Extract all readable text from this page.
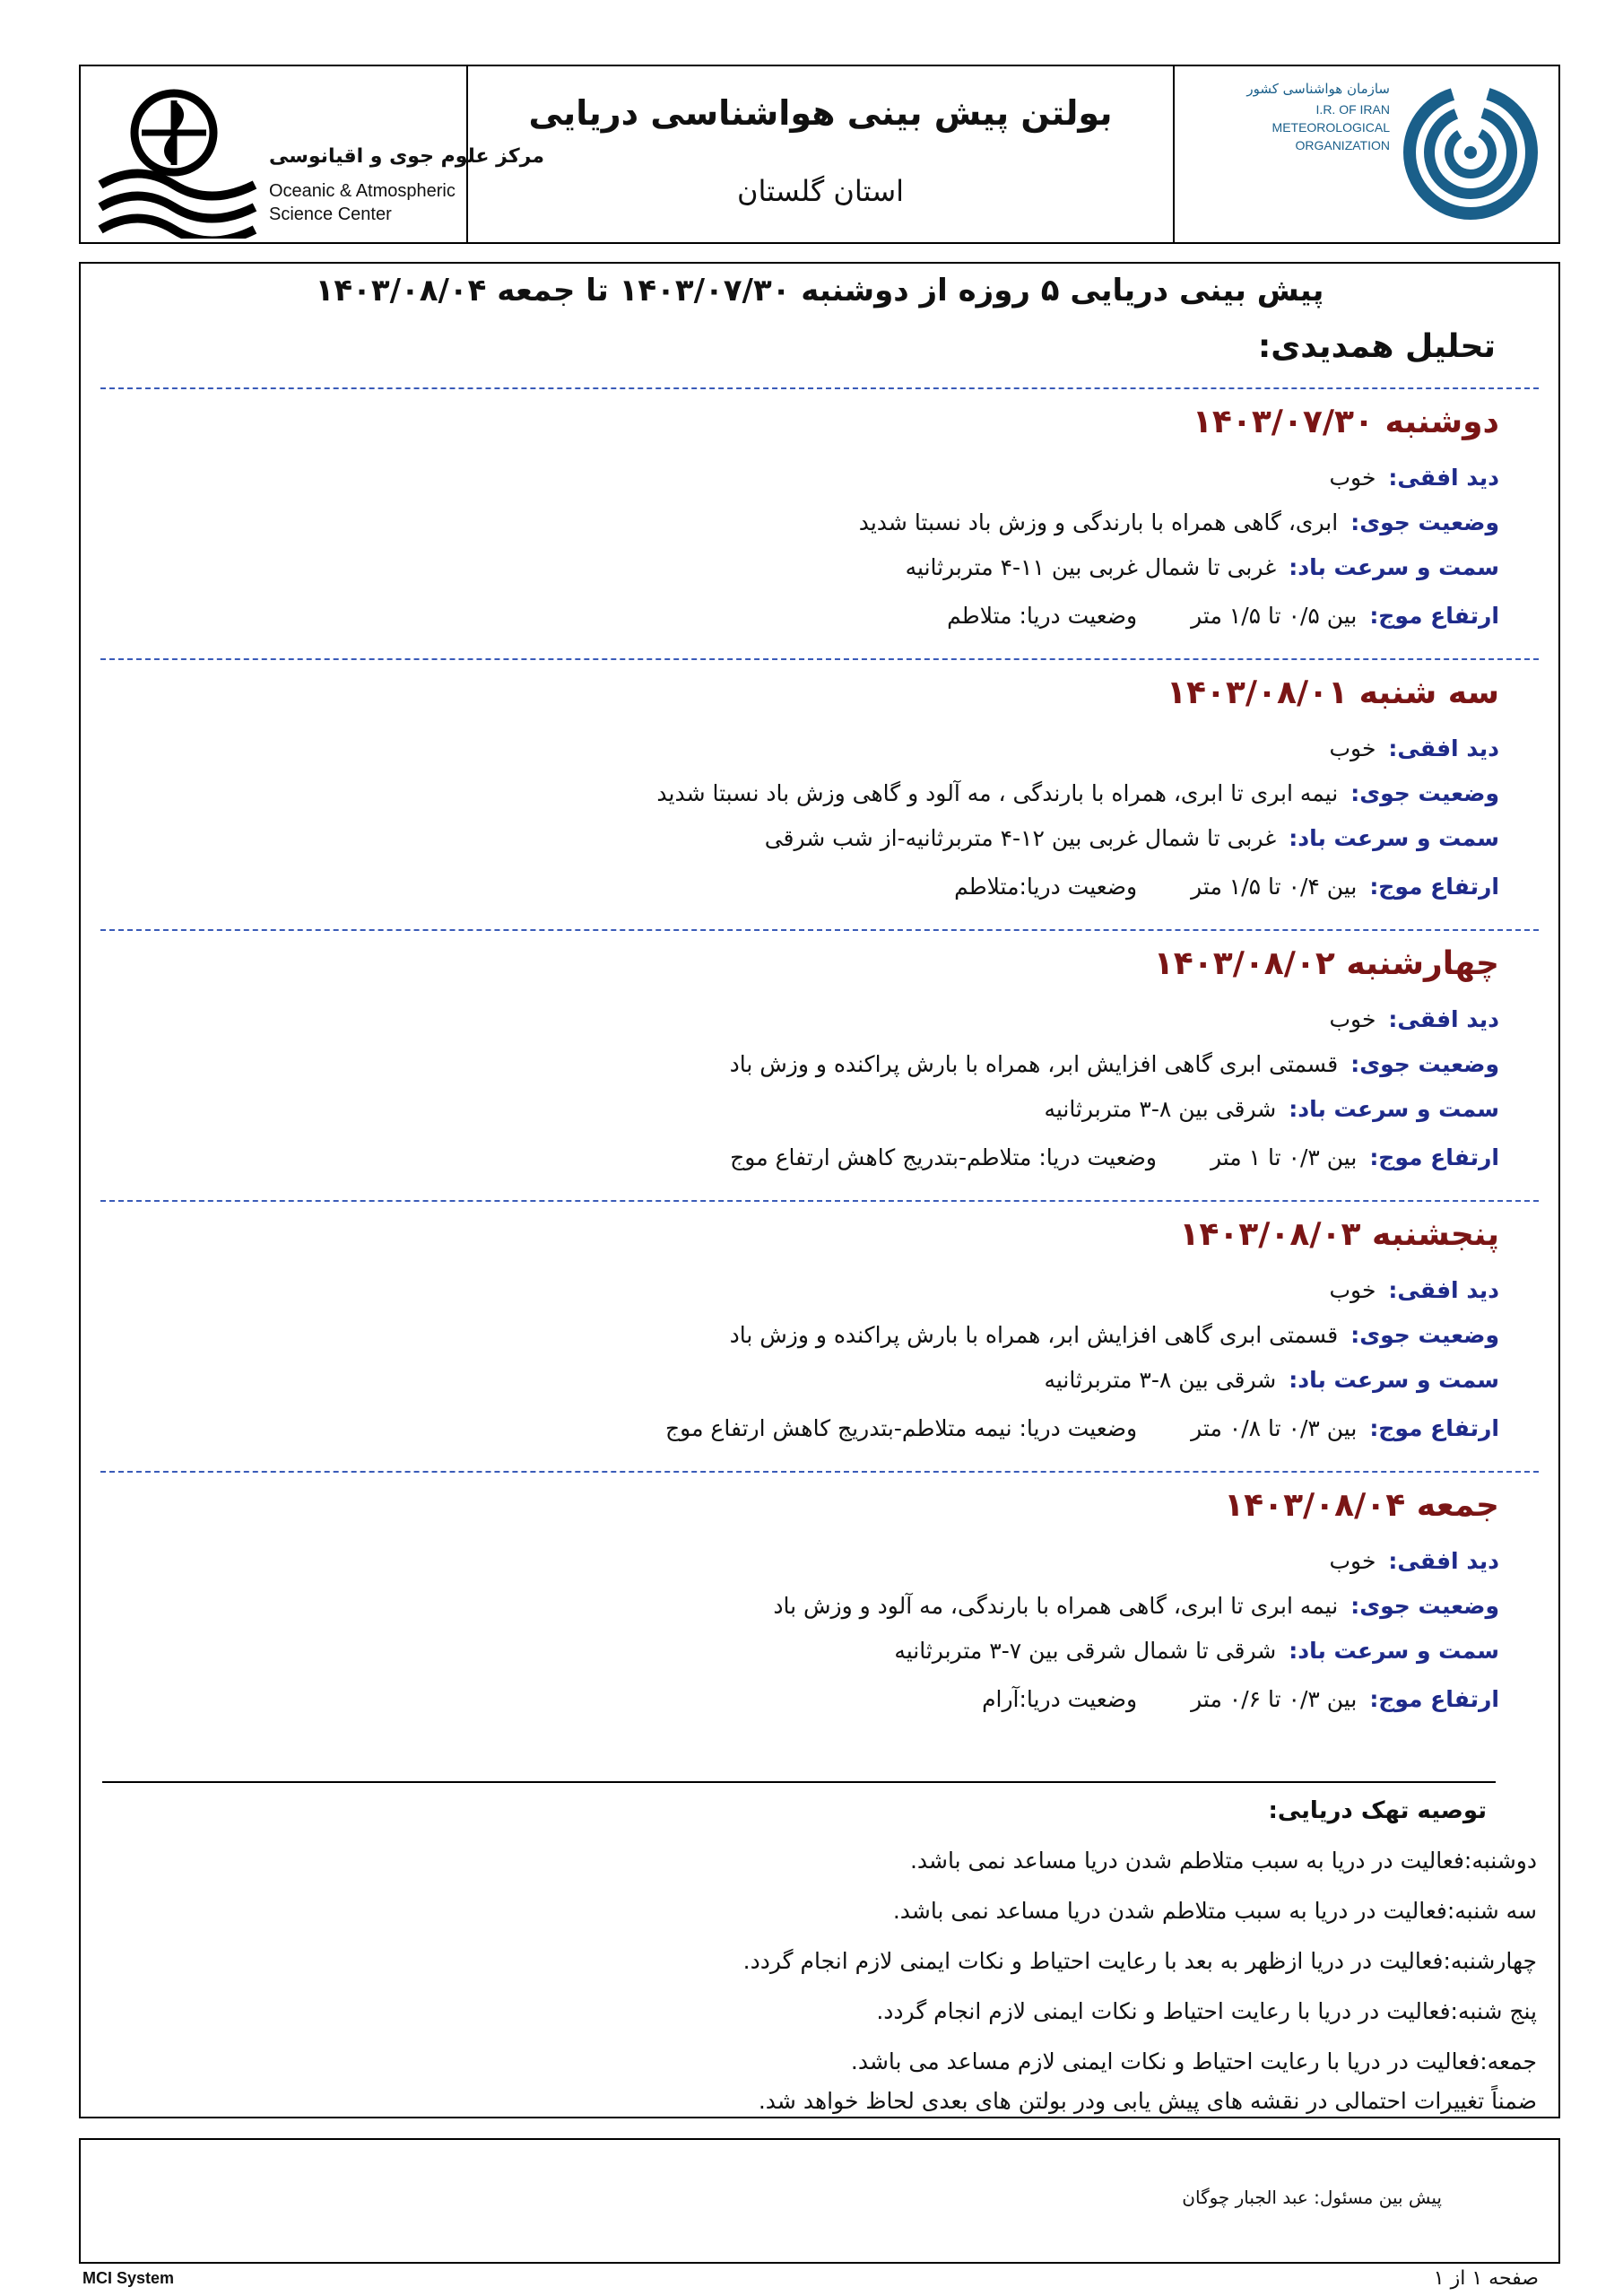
مرکز علوم جوی و اقیانوسی
Oceanic & Atmospheric
Science Center
بولتن پیش بینی هواشناسی دریایی
استان گلستان
سازمان هواشناسی کشور
I.R. OF IRAN
METEOROLOGICAL
ORGANIZATION
پیش بینی دریایی ۵ روزه از دوشنبه ۱۴۰۳/۰۷/۳۰ تا جمعه ۱۴۰۳/۰۸/۰۴
تحلیل همدیدی:
دوشنبه ۱۴۰۳/۰۷/۳۰
دید افقی:خوب
وضعیت جوی:ابری، گاهی همراه با بارندگی و وزش باد نسبتا شدید
سمت و سرعت باد:غربی تا شمال غربی بین ۱۱-۴ متربرثانیه
ارتفاع موج:بین ۰/۵ تا ۱/۵ متروضعیت دریا: متلاطم
سه شنبه ۱۴۰۳/۰۸/۰۱
دید افقی:خوب
وضعیت جوی:نیمه ابری تا ابری، همراه با بارندگی ، مه آلود و گاهی وزش باد نسبتا شدید
سمت و سرعت باد:غربی تا شمال غربی بین ۱۲-۴ متربرثانیه-از شب شرقی
ارتفاع موج:بین ۰/۴ تا ۱/۵ متروضعیت دریا:متلاطم
چهارشنبه ۱۴۰۳/۰۸/۰۲
دید افقی:خوب
وضعیت جوی:قسمتی ابری گاهی افزایش ابر، همراه با بارش پراکنده و وزش باد
سمت و سرعت باد:شرقی بین ۸-۳ متربرثانیه
ارتفاع موج:بین ۰/۳ تا ۱ متروضعیت دریا: متلاطم-بتدریج کاهش ارتفاع موج
پنجشنبه ۱۴۰۳/۰۸/۰۳
دید افقی:خوب
وضعیت جوی:قسمتی ابری گاهی افزایش ابر، همراه با بارش پراکنده و وزش باد
سمت و سرعت باد:شرقی بین ۸-۳ متربرثانیه
ارتفاع موج:بین ۰/۳ تا ۰/۸ متروضعیت دریا: نیمه متلاطم-بتدریج کاهش ارتفاع موج
جمعه ۱۴۰۳/۰۸/۰۴
دید افقی:خوب
وضعیت جوی:نیمه ابری تا ابری، گاهی همراه با بارندگی، مه آلود و وزش باد
سمت و سرعت باد:شرقی تا شمال شرقی بین ۷-۳ متربرثانیه
ارتفاع موج:بین ۰/۳ تا ۰/۶ متروضعیت دریا:آرام
توصیه تهک دریایی:
دوشنبه:فعالیت در دریا به سبب متلاطم شدن دریا مساعد نمی باشد.
سه شنبه:فعالیت در دریا به سبب متلاطم شدن دریا مساعد نمی باشد.
چهارشنبه:فعالیت در دریا ازظهر به بعد با رعایت احتیاط و نکات ایمنی لازم انجام گردد.
پنج شنبه:فعالیت در دریا با رعایت احتیاط و نکات ایمنی لازم انجام گردد.
جمعه:فعالیت در دریا با رعایت احتیاط و نکات ایمنی لازم مساعد می باشد.
ضمناً تغییرات احتمالی در نقشه های پیش یابی ودر بولتن های بعدی لحاظ خواهد شد.
پیش بین مسئول: عبد الجبار چوگان
MCI System	صفحه ۱ از ۱
